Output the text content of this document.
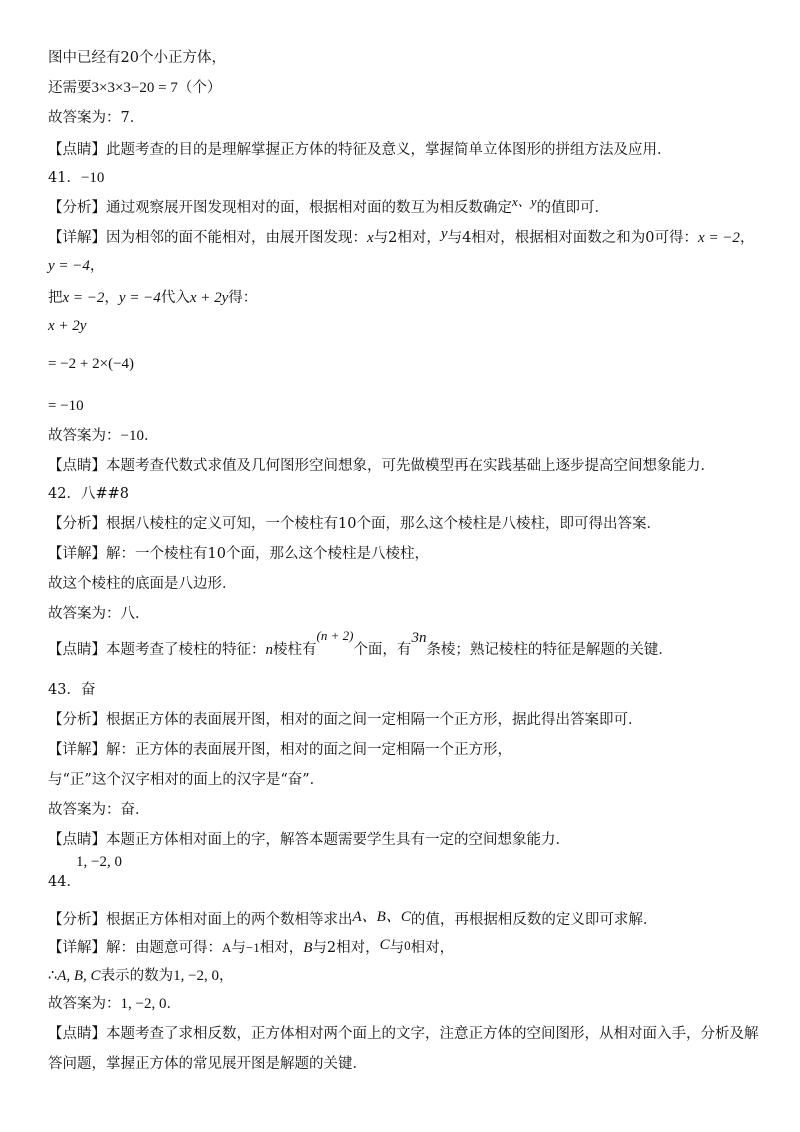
图中已经有20个小正方体，
还需要3×3×3−20 = 7（个）
故答案为：7．
【点睛】此题考查的目的是理解掌握正方体的特征及意义，掌握简单立体图形的拼组方法及应用．
41．−10
【分析】通过观察展开图发现相对的面，根据相对面的数互为相反数确定x、y的值即可．
【详解】因为相邻的面不能相对，由展开图发现：x与2相对，y与4相对，根据相对面数之和为0可得：x = −2，
y = −4，
把x = −2，y = −4代入x + 2y得：
x + 2y
= −2 + 2×(−4)
= −10
故答案为：−10．
【点睛】本题考查代数式求值及几何图形空间想象，可先做模型再在实践基础上逐步提高空间想象能力．
42．八##8
【分析】根据八棱柱的定义可知，一个棱柱有10个面，那么这个棱柱是八棱柱，即可得出答案．
【详解】解：一个棱柱有10个面，那么这个棱柱是八棱柱，
故这个棱柱的底面是八边形．
故答案为：八．
【点睛】本题考查了棱柱的特征：n棱柱有(n + 2)个面，有3n条棱；熟记棱柱的特征是解题的关键．
43．奋
【分析】根据正方体的表面展开图，相对的面之间一定相隔一个正方形，据此得出答案即可．
【详解】解：正方体的表面展开图，相对的面之间一定相隔一个正方形，
与“正”这个汉字相对的面上的汉字是“奋”．
故答案为：奋．
【点睛】本题正方体相对面上的字，解答本题需要学生具有一定的空间想象能力．
1, −2, 0
44．
【分析】根据正方体相对面上的两个数相等求出A、B、C的值，再根据相反数的定义即可求解．
【详解】解：由题意可得：A与−1相对，B与2相对，C与0相对，
∴A, B, C表示的数为1, −2, 0，
故答案为：1, −2, 0．
【点睛】本题考查了求相反数，正方体相对两个面上的文字，注意正方体的空间图形，从相对面入手，分析及解
答问题，掌握正方体的常见展开图是解题的关键．
